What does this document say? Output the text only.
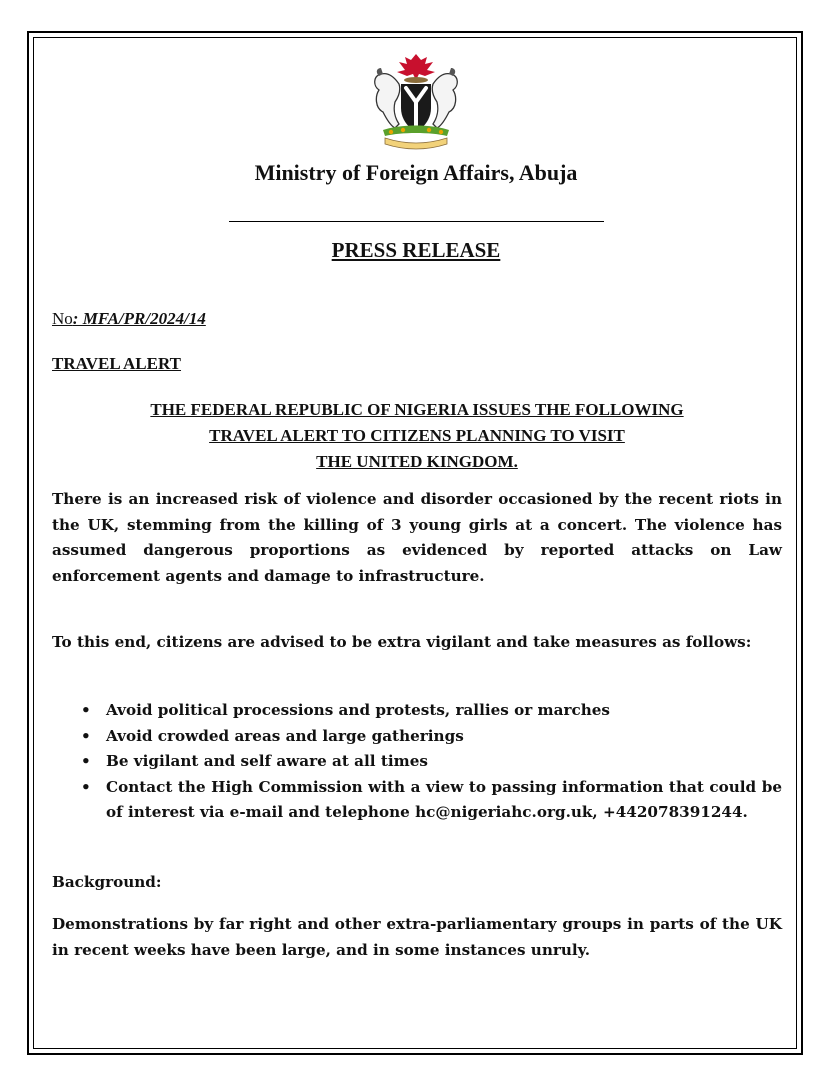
Ministry of Foreign Affairs, Abuja
PRESS RELEASE
No: MFA/PR/2024/14
TRAVEL ALERT
THE FEDERAL REPUBLIC OF NIGERIA ISSUES THE FOLLOWING
TRAVEL ALERT TO CITIZENS PLANNING TO VISIT
THE UNITED KINGDOM.
There is an increased risk of violence and disorder occasioned by the recent riots in the UK, stemming from the killing of 3 young girls at a concert. The violence has assumed dangerous proportions as evidenced by reported attacks on Law enforcement agents and damage to infrastructure.
To this end, citizens are advised to be extra vigilant and take measures as follows:
• Avoid political processions and protests, rallies or marches
• Avoid crowded areas and large gatherings
• Be vigilant and self aware at all times
• Contact the High Commission with a view to passing information that could be of interest via e-mail and telephone hc@nigeriahc.org.uk, +442078391244.
Background:
Demonstrations by far right and other extra-parliamentary groups in parts of the UK in recent weeks have been large, and in some instances unruly.
